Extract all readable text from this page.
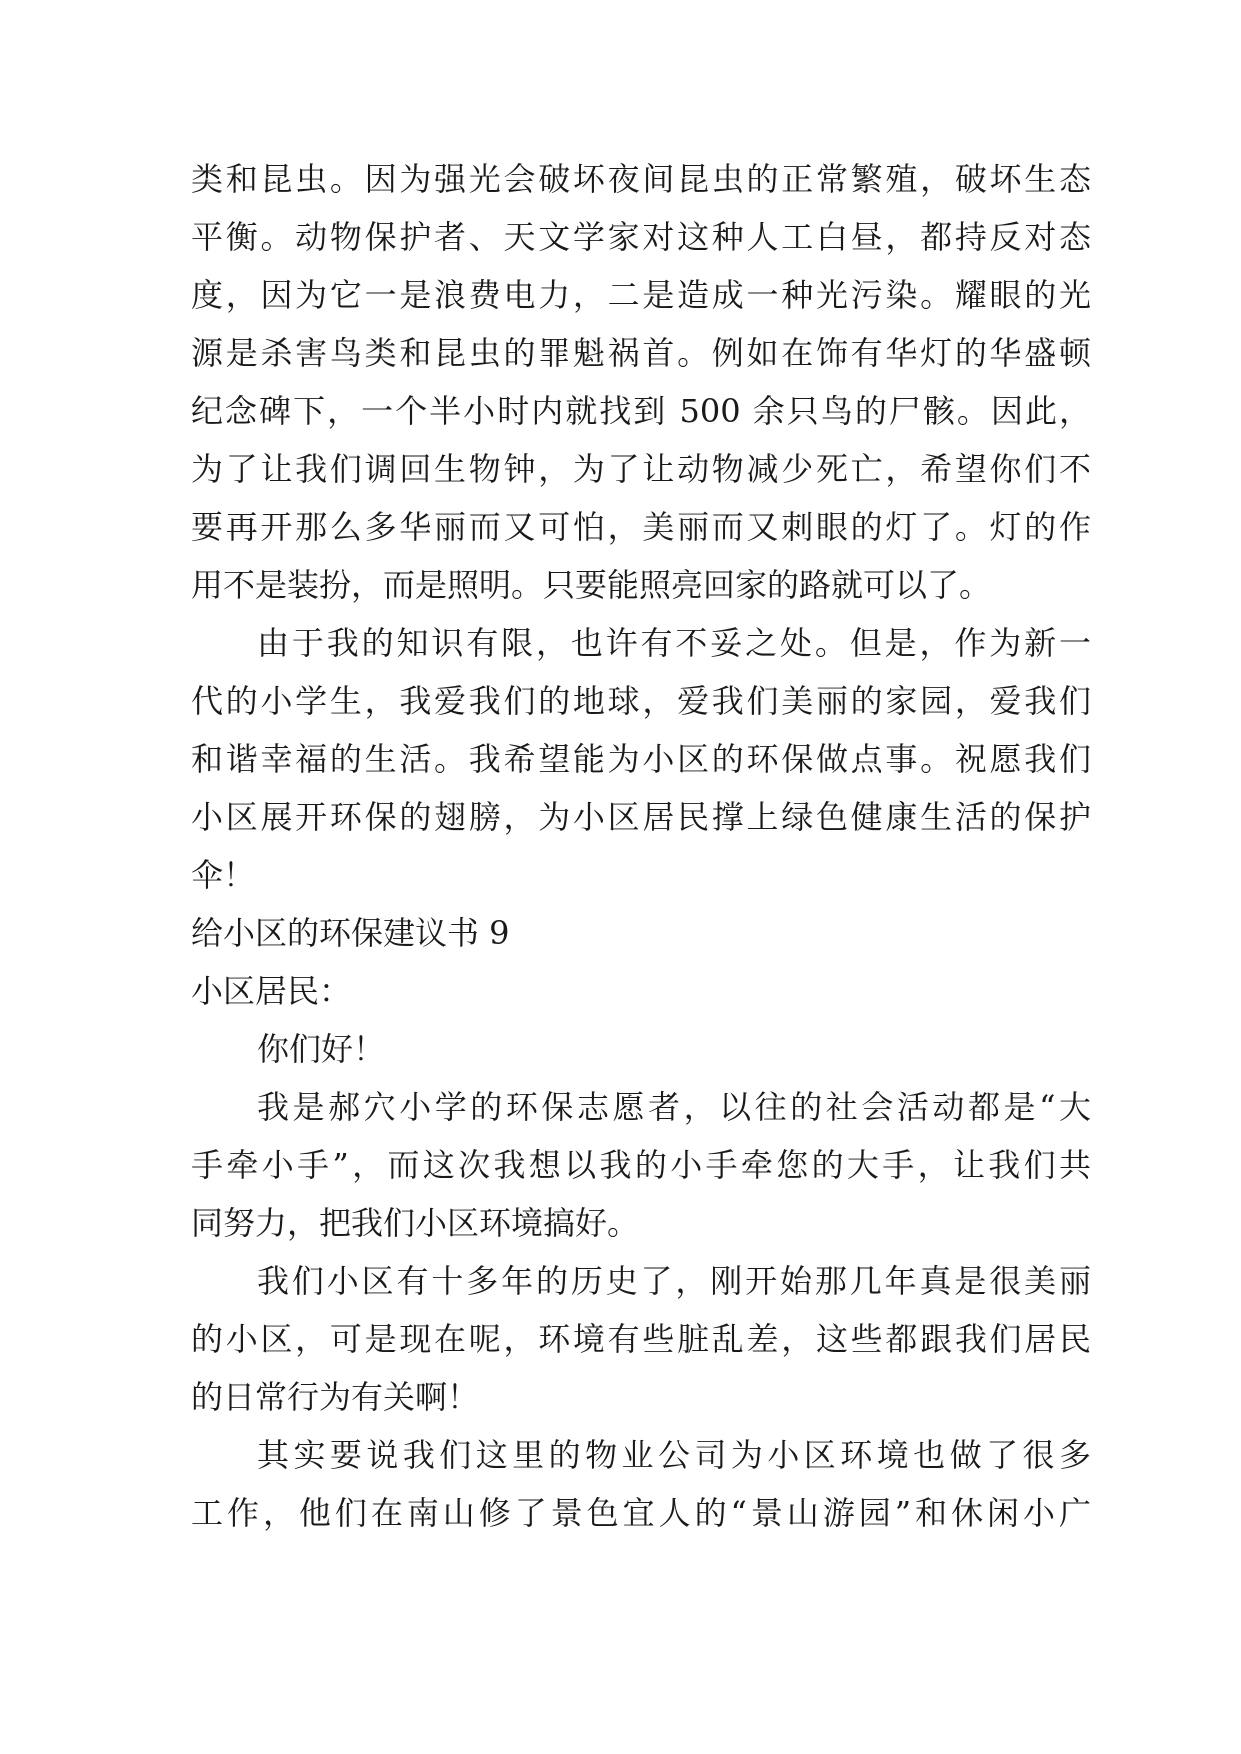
类和昆虫。因为强光会破坏夜间昆虫的正常繁殖，破坏生态
平衡。动物保护者、天文学家对这种人工白昼，都持反对态
度，因为它一是浪费电力，二是造成一种光污染。耀眼的光
源是杀害鸟类和昆虫的罪魁祸首。例如在饰有华灯的华盛顿
纪念碑下，一个半小时内就找到 500 余只鸟的尸骸。因此，
为了让我们调回生物钟，为了让动物减少死亡，希望你们不
要再开那么多华丽而又可怕，美丽而又刺眼的灯了。灯的作
用不是装扮，而是照明。只要能照亮回家的路就可以了。
由于我的知识有限，也许有不妥之处。但是，作为新一
代的小学生，我爱我们的地球，爱我们美丽的家园，爱我们
和谐幸福的生活。我希望能为小区的环保做点事。祝愿我们
小区展开环保的翅膀，为小区居民撑上绿色健康生活的保护
伞！
给小区的环保建议书 9
小区居民：
你们好！
我是郝穴小学的环保志愿者，以往的社会活动都是“大
手牵小手”，而这次我想以我的小手牵您的大手，让我们共
同努力，把我们小区环境搞好。
我们小区有十多年的历史了，刚开始那几年真是很美丽
的小区，可是现在呢，环境有些脏乱差，这些都跟我们居民
的日常行为有关啊！
其实要说我们这里的物业公司为小区环境也做了很多
工作，他们在南山修了景色宜人的“景山游园”和休闲小广
